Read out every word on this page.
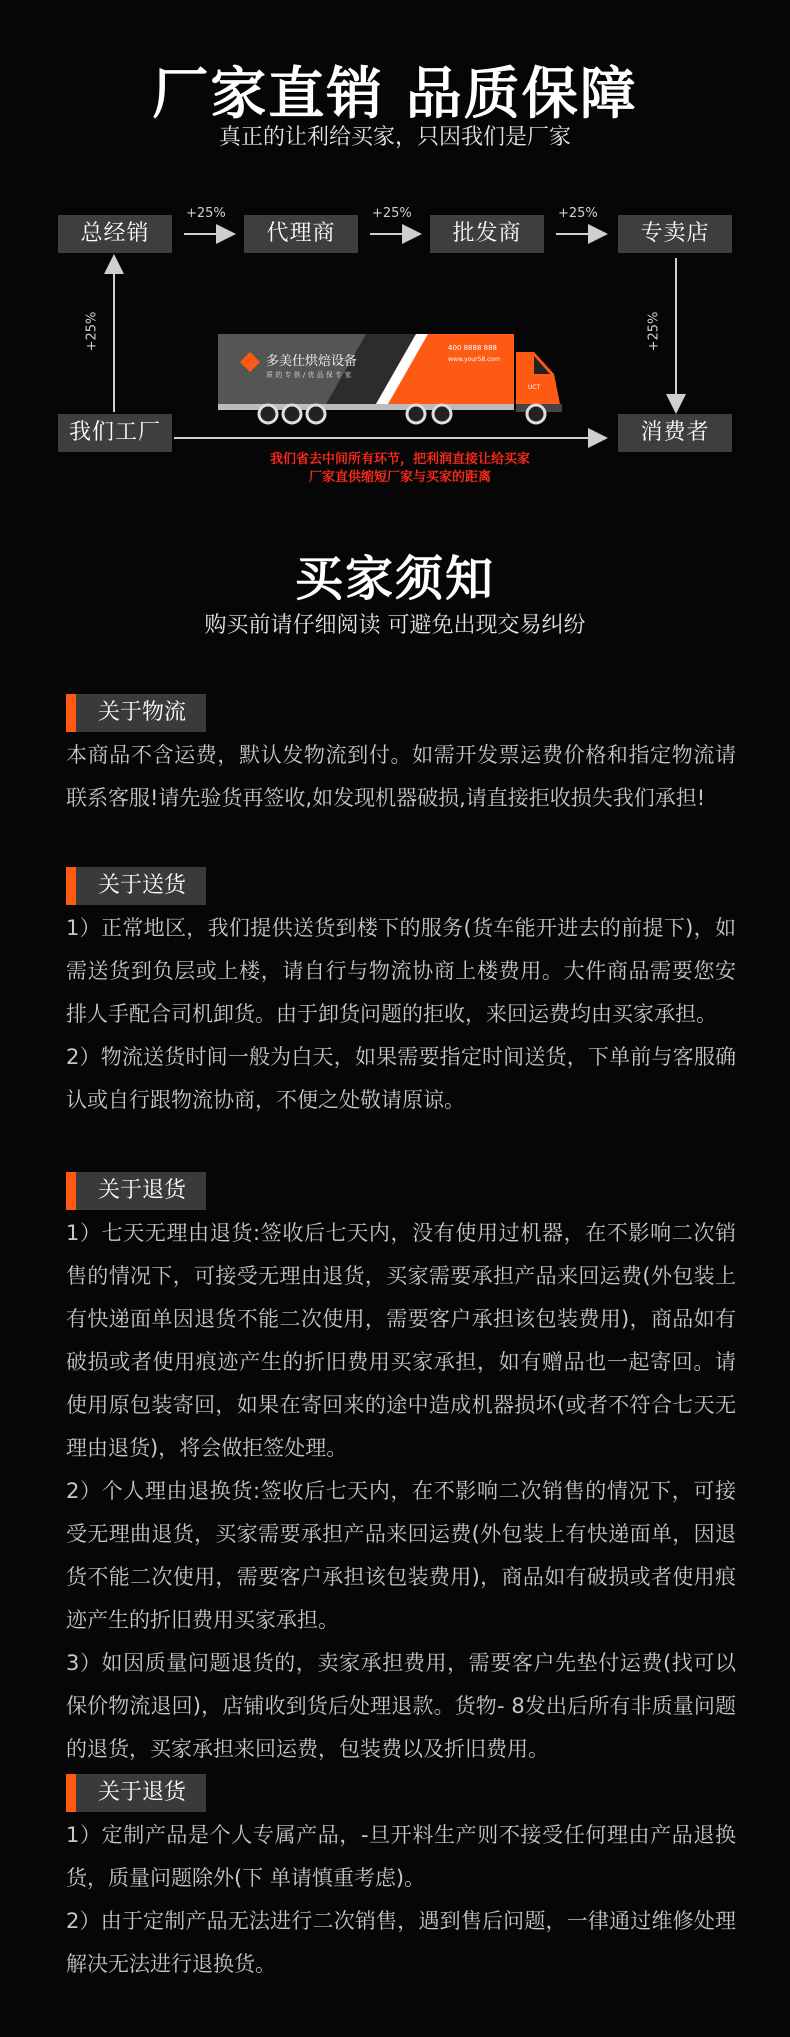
厂家直销 品质保障
真正的让利给买家，只因我们是厂家
总经销	代理商	批发商	专卖店
我们工厂	消费者
+25%	+25%	+25%
+25%	+25%
多美仕烘焙设备
质 的 专 供 / 优 品 保 专 家
400 8888 888
www.your58.com
UCT
我们省去中间所有环节，把利润直接让给买家
厂家直供缩短厂家与买家的距离
买家须知
购买前请仔细阅读 可避免出现交易纠纷
关于物流

本商品不含运费，默认发物流到付。如需开发票运费价格和指定物流请联系客服!请先验货再签收,如发现机器破损,请直接拒收损失我们承担!

关于送货

1）正常地区，我们提供送货到楼下的服务(货车能开进去的前提下)，如需送货到负层或上楼，请自行与物流协商上楼费用。大件商品需要您安排人手配合司机卸货。由于卸货问题的拒收，来回运费均由买家承担。

2）物流送货时间一般为白天，如果需要指定时间送货，下单前与客服确认或自行跟物流协商，不便之处敬请原谅。

关于退货

1）七天无理由退货:签收后七天内，没有使用过机器，在不影响二次销售的情况下，可接受无理由退货，买家需要承担产品来回运费(外包装上有快递面单因退货不能二次使用，需要客户承担该包装费用)，商品如有破损或者使用痕迹产生的折旧费用买家承担，如有赠品也一起寄回。请使用原包装寄回，如果在寄回来的途中造成机器损坏(或者不符合七天无理由退货)，将会做拒签处理。

2）个人理由退换货:签收后七天内，在不影响二次销售的情况下，可接受无理曲退货，买家需要承担产品来回运费(外包装上有快递面单，因退货不能二次使用，需要客户承担该包装费用)，商品如有破损或者使用痕迹产生的折旧费用买家承担。

3）如因质量问题退货的，卖家承担费用，需要客户先垫付运费(找可以保价物流退回)，店铺收到货后处理退款。货物- 8发出后所有非质量问题的退货，买家承担来回运费，包装费以及折旧费用。

关于退货

1）定制产品是个人专属产品，-旦开料生产则不接受任何理由产品退换货，质量问题除外(下 单请慎重考虑)。

2）由于定制产品无法进行二次销售，遇到售后问题，一律通过维修处理解决无法进行退换货。
